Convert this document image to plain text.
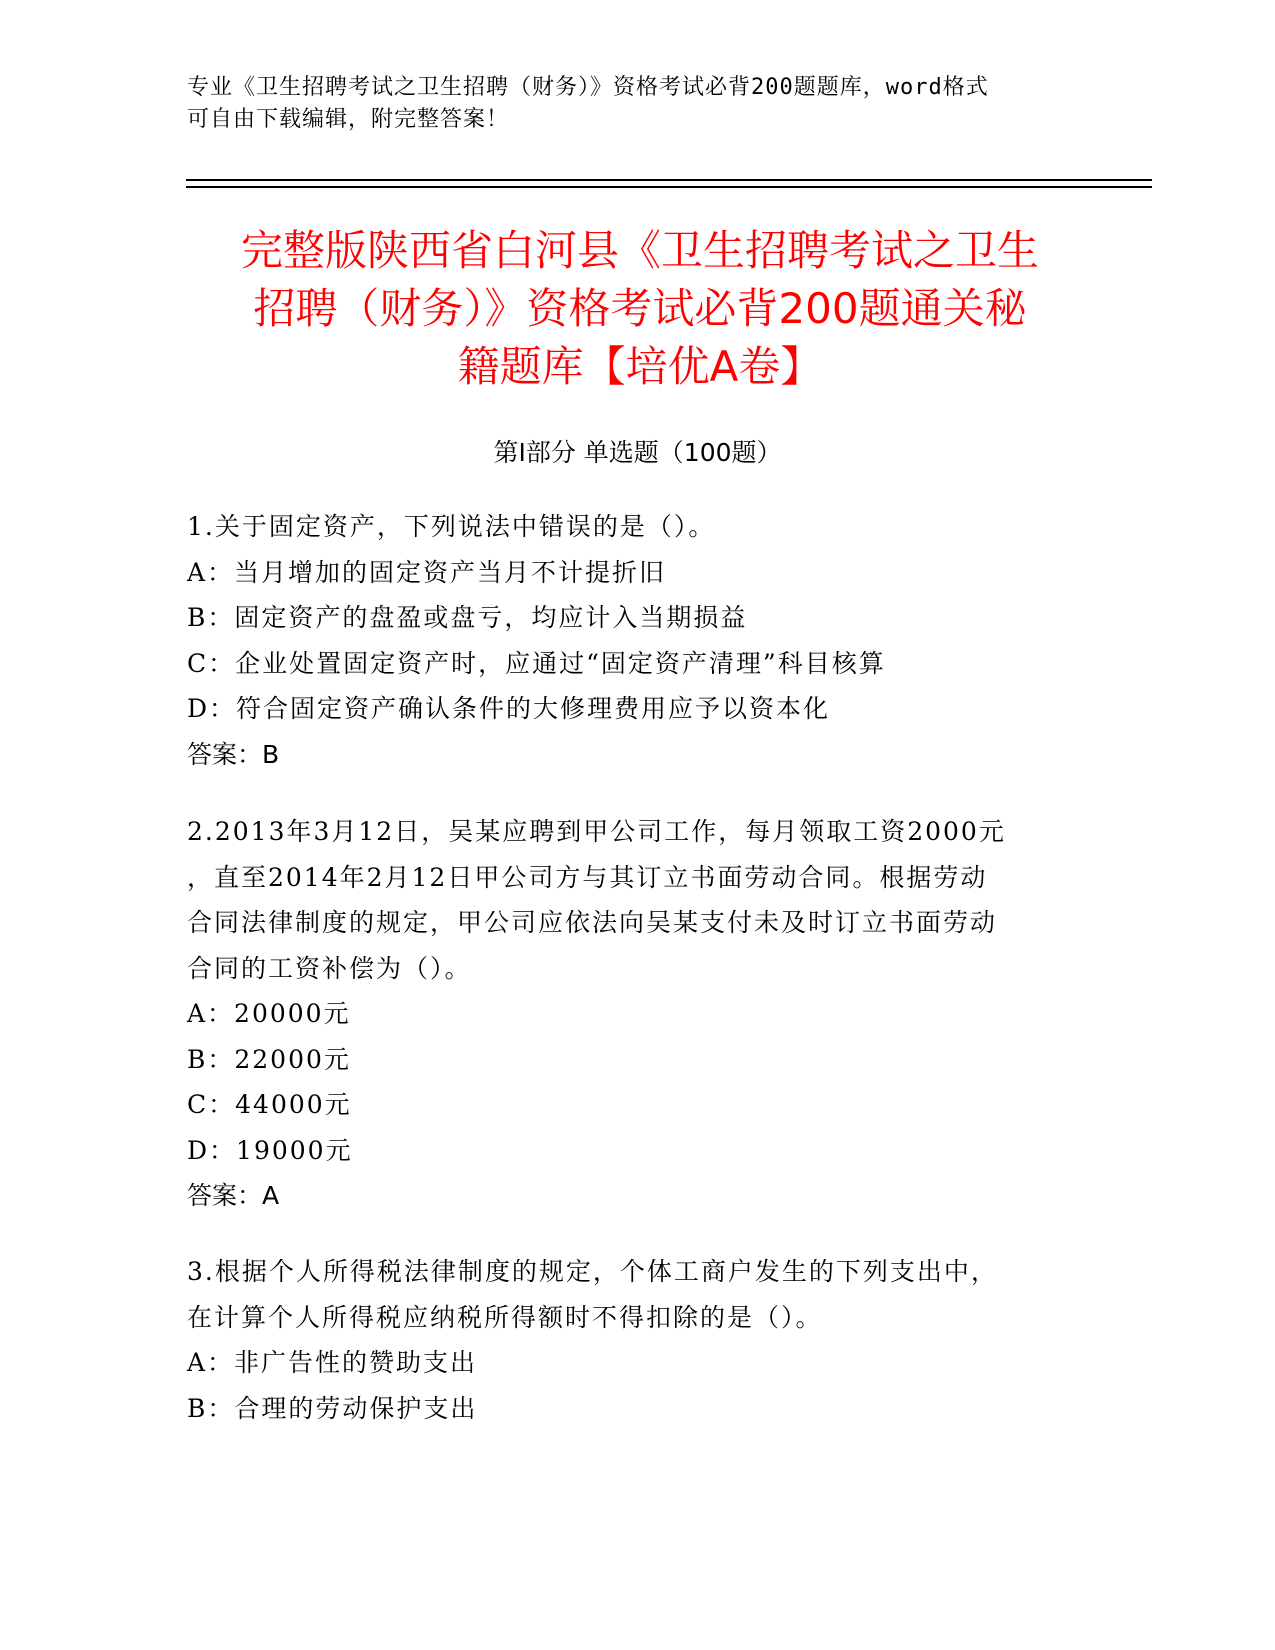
专业《卫生招聘考试之卫生招聘（财务）》资格考试必背200题题库，word格式
可自由下载编辑，附完整答案！
完整版陕西省白河县《卫生招聘考试之卫生
招聘（财务）》资格考试必背200题通关秘
籍题库【培优A卷】
第I部分 单选题（100题）
1.关于固定资产，下列说法中错误的是（）。
A：当月增加的固定资产当月不计提折旧
B：固定资产的盘盈或盘亏，均应计入当期损益
C：企业处置固定资产时，应通过“固定资产清理”科目核算
D：符合固定资产确认条件的大修理费用应予以资本化
答案：B
2.2013年3月12日，吴某应聘到甲公司工作，每月领取工资2000元
，直至2014年2月12日甲公司方与其订立书面劳动合同。根据劳动
合同法律制度的规定，甲公司应依法向吴某支付未及时订立书面劳动
合同的工资补偿为（）。
A：20000元
B：22000元
C：44000元
D：19000元
答案：A
3.根据个人所得税法律制度的规定，个体工商户发生的下列支出中，
在计算个人所得税应纳税所得额时不得扣除的是（）。
A：非广告性的赞助支出
B：合理的劳动保护支出
